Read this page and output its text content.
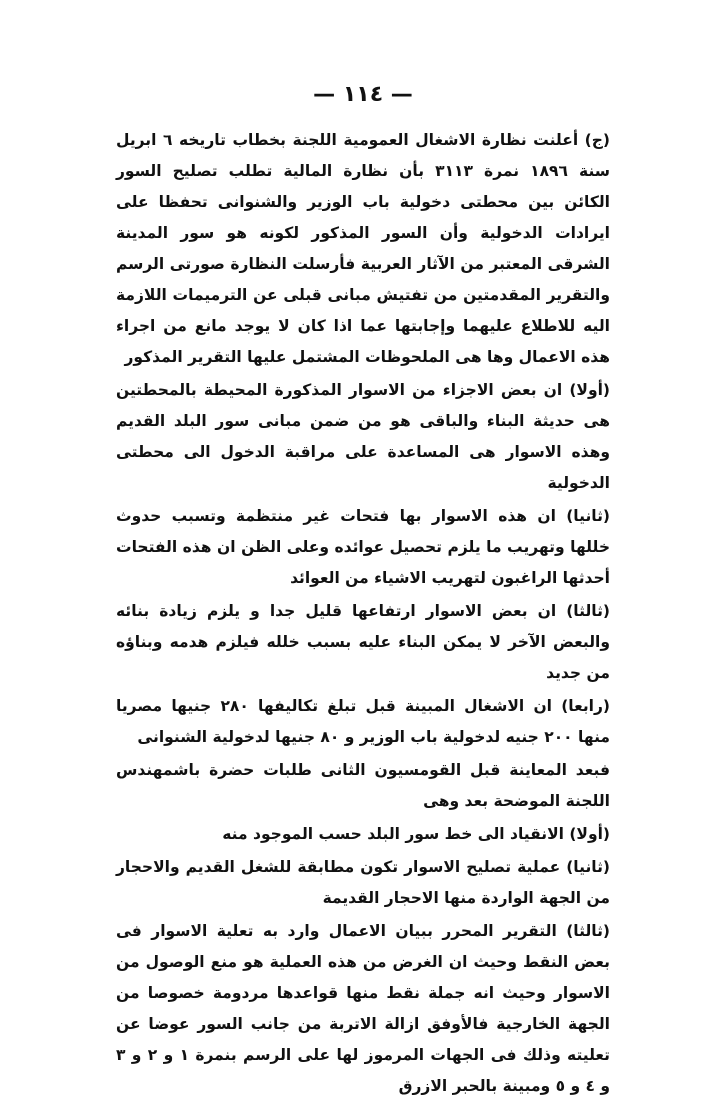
— ١١٤ —

(ج) أعلنت نظارة الاشغال العمومية اللجنة بخطاب تاريخه ٦ ابريل سنة ١٨٩٦ نمرة ٣١١٣ بأن نظارة المالية تطلب تصليح السور الكائن بين محطتى دخولية باب الوزير والشنوانى تحفظا على ايرادات الدخولية وأن السور المذكور لكونه هو سور المدينة الشرقى المعتبر من الآثار العربية فأرسلت النظارة صورتى الرسم والتقرير المقدمتين من تفتيش مبانى قبلى عن الترميمات اللازمة اليه للاطلاع عليهما وإجابتها عما اذا كان لا يوجد مانع من اجراء هذه الاعمال وها هى الملحوظات المشتمل عليها التقرير المذكور

(أولا) ان بعض الاجزاء من الاسوار المذكورة المحيطة بالمحطتين هى حديثة البناء والباقى هو من ضمن مبانى سور البلد القديم وهذه الاسوار هى المساعدة على مراقبة الدخول الى محطتى الدخولية

(ثانيا) ان هذه الاسوار بها فتحات غير منتظمة وتسبب حدوث خللها وتهريب ما يلزم تحصيل عوائده وعلى الظن ان هذه الفتحات أحدثها الراغبون لتهريب الاشياء من العوائد

(ثالثا) ان بعض الاسوار ارتفاعها قليل جدا و يلزم زيادة بنائه والبعض الآخر لا يمكن البناء عليه بسبب خلله فيلزم هدمه وبناؤه من جديد

(رابعا) ان الاشغال المبينة قبل تبلغ تكاليفها ٢٨٠ جنيها مصريا منها ٢٠٠ جنيه لدخولية باب الوزير و ٨٠ جنيها لدخولية الشنوانى

فبعد المعاينة قبل القومسيون الثانى طلبات حضرة باشمهندس اللجنة الموضحة بعد وهى

(أولا) الانقياد الى خط سور البلد حسب الموجود منه

(ثانيا) عملية تصليح الاسوار تكون مطابقة للشغل القديم والاحجار من الجهة الواردة منها الاحجار القديمة

(ثالثا) التقرير المحرر ببيان الاعمال وارد به تعلية الاسوار فى بعض النقط وحيث ان الغرض من هذه العملية هو منع الوصول من الاسوار وحيث انه جملة نقط منها قواعدها مردومة خصوصا من الجهة الخارجية فالأوفق ازالة الاتربة من جانب السور عوضا عن تعليته وذلك فى الجهات المرموز لها على الرسم بنمرة ١ و ٢ و ٣ و ٤ و ٥ ومبينة بالحبر الازرق
